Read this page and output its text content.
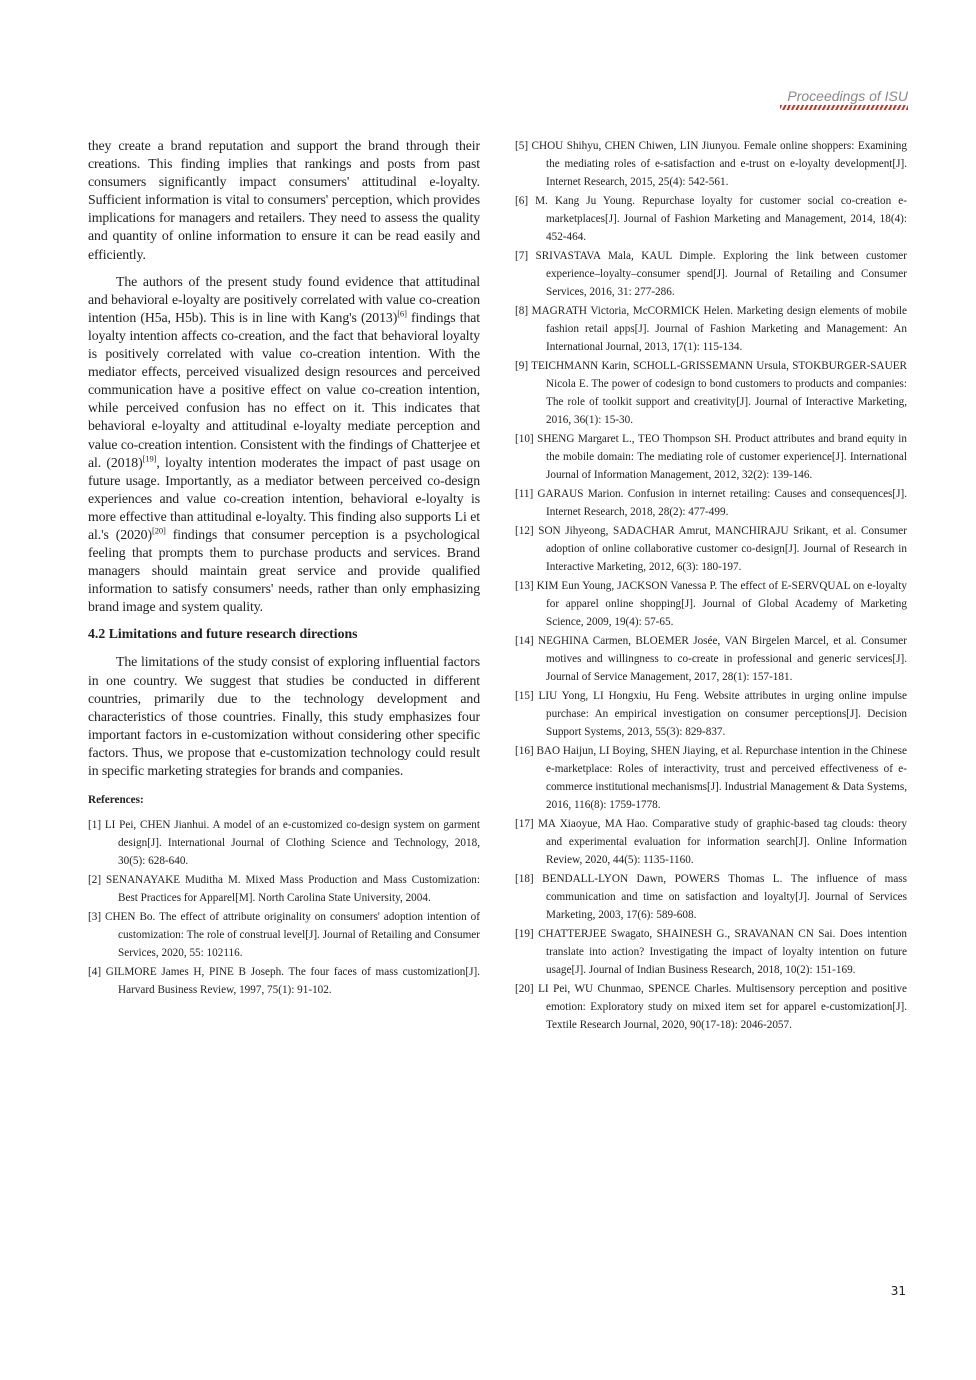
Proceedings of ISU

they create a brand reputation and support the brand through their creations. This finding implies that rankings and posts from past consumers significantly impact consumers' attitudinal e-loyalty. Sufficient information is vital to consumers' perception, which provides implications for managers and retailers. They need to assess the quality and quantity of online information to ensure it can be read easily and efficiently.

The authors of the present study found evidence that attitudinal and behavioral e-loyalty are positively correlated with value co-creation intention (H5a, H5b). This is in line with Kang's (2013)[6] findings that loyalty intention affects co-creation, and the fact that behavioral loyalty is positively correlated with value co-creation intention. With the mediator effects, perceived visualized design resources and perceived communication have a positive effect on value co-creation intention, while perceived confusion has no effect on it. This indicates that behavioral e-loyalty and attitudinal e-loyalty mediate perception and value co-creation intention. Consistent with the findings of Chatterjee et al. (2018)[19], loyalty intention moderates the impact of past usage on future usage. Importantly, as a mediator between perceived co-design experiences and value co-creation intention, behavioral e-loyalty is more effective than attitudinal e-loyalty. This finding also supports Li et al.'s (2020)[20] findings that consumer perception is a psychological feeling that prompts them to purchase products and services. Brand managers should maintain great service and provide qualified information to satisfy consumers' needs, rather than only emphasizing brand image and system quality.

4.2 Limitations and future research directions

The limitations of the study consist of exploring influential factors in one country. We suggest that studies be conducted in different countries, primarily due to the technology development and characteristics of those countries. Finally, this study emphasizes four important factors in e-customization without considering other specific factors. Thus, we propose that e-customization technology could result in specific marketing strategies for brands and companies.

References:

[1] LI Pei, CHEN Jianhui. A model of an e-customized co-design system on garment design[J]. International Journal of Clothing Science and Technology, 2018, 30(5): 628-640.

[2] SENANAYAKE Muditha M. Mixed Mass Production and Mass Customization: Best Practices for Apparel[M]. North Carolina State University, 2004.

[3] CHEN Bo. The effect of attribute originality on consumers' adoption intention of customization: The role of construal level[J]. Journal of Retailing and Consumer Services, 2020, 55: 102116.

[4] GILMORE James H, PINE B Joseph. The four faces of mass customization[J]. Harvard Business Review, 1997, 75(1): 91-102.

[5] CHOU Shihyu, CHEN Chiwen, LIN Jiunyou. Female online shoppers: Examining the mediating roles of e-satisfaction and e-trust on e-loyalty development[J]. Internet Research, 2015, 25(4): 542-561.

[6] M. Kang Ju Young. Repurchase loyalty for customer social co-creation e-marketplaces[J]. Journal of Fashion Marketing and Management, 2014, 18(4): 452-464.

[7] SRIVASTAVA Mala, KAUL Dimple. Exploring the link between customer experience–loyalty–consumer spend[J]. Journal of Retailing and Consumer Services, 2016, 31: 277-286.

[8] MAGRATH Victoria, McCORMICK Helen. Marketing design elements of mobile fashion retail apps[J]. Journal of Fashion Marketing and Management: An International Journal, 2013, 17(1): 115-134.

[9] TEICHMANN Karin, SCHOLL-GRISSEMANN Ursula, STOKBURGER-SAUER Nicola E. The power of codesign to bond customers to products and companies: The role of toolkit support and creativity[J]. Journal of Interactive Marketing, 2016, 36(1): 15-30.

[10] SHENG Margaret L., TEO Thompson SH. Product attributes and brand equity in the mobile domain: The mediating role of customer experience[J]. International Journal of Information Management, 2012, 32(2): 139-146.

[11] GARAUS Marion. Confusion in internet retailing: Causes and consequences[J]. Internet Research, 2018, 28(2): 477-499.

[12] SON Jihyeong, SADACHAR Amrut, MANCHIRAJU Srikant, et al. Consumer adoption of online collaborative customer co-design[J]. Journal of Research in Interactive Marketing, 2012, 6(3): 180-197.

[13] KIM Eun Young, JACKSON Vanessa P. The effect of E-SERVQUAL on e-loyalty for apparel online shopping[J]. Journal of Global Academy of Marketing Science, 2009, 19(4): 57-65.

[14] NEGHINA Carmen, BLOEMER Josée, VAN Birgelen Marcel, et al. Consumer motives and willingness to co-create in professional and generic services[J]. Journal of Service Management, 2017, 28(1): 157-181.

[15] LIU Yong, LI Hongxiu, Hu Feng. Website attributes in urging online impulse purchase: An empirical investigation on consumer perceptions[J]. Decision Support Systems, 2013, 55(3): 829-837.

[16] BAO Haijun, LI Boying, SHEN Jiaying, et al. Repurchase intention in the Chinese e-marketplace: Roles of interactivity, trust and perceived effectiveness of e-commerce institutional mechanisms[J]. Industrial Management & Data Systems, 2016, 116(8): 1759-1778.

[17] MA Xiaoyue, MA Hao. Comparative study of graphic-based tag clouds: theory and experimental evaluation for information search[J]. Online Information Review, 2020, 44(5): 1135-1160.

[18] BENDALL-LYON Dawn, POWERS Thomas L. The influence of mass communication and time on satisfaction and loyalty[J]. Journal of Services Marketing, 2003, 17(6): 589-608.

[19] CHATTERJEE Swagato, SHAINESH G., SRAVANAN CN Sai. Does intention translate into action? Investigating the impact of loyalty intention on future usage[J]. Journal of Indian Business Research, 2018, 10(2): 151-169.

[20] LI Pei, WU Chunmao, SPENCE Charles. Multisensory perception and positive emotion: Exploratory study on mixed item set for apparel e-customization[J]. Textile Research Journal, 2020, 90(17-18): 2046-2057.

31
